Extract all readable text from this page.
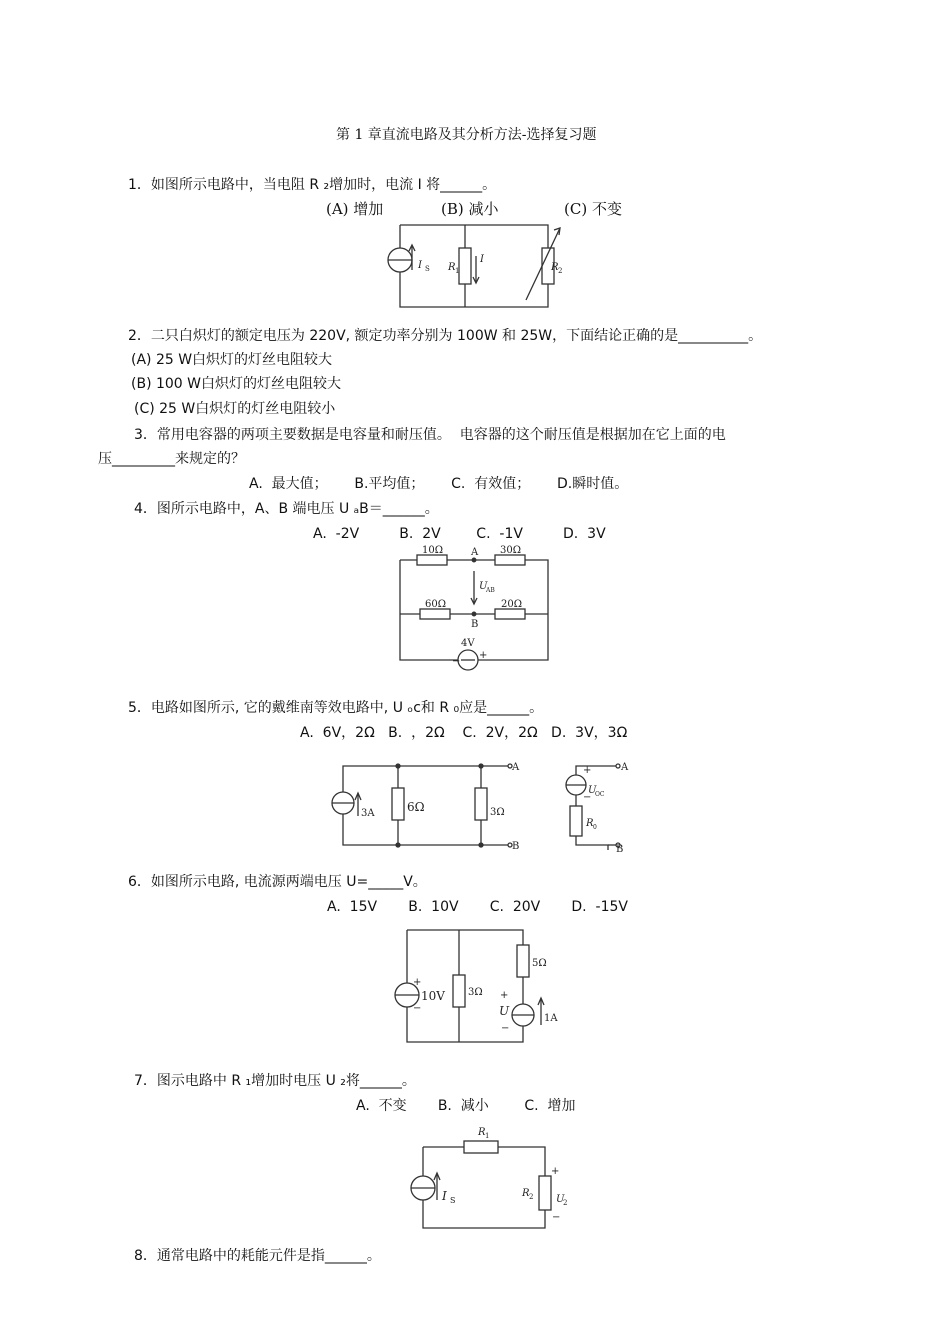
第 1 章直流电路及其分析方法-选择复习题
1．如图所示电路中，当电阻 R ₂增加时，电流 I 将______。
(A) 增加	(B) 减小	(C) 不变
I S R 1
I
R 2
2．二只白炽灯的额定电压为 220V, 额定功率分别为 100W 和 25W，下面结论正确的是__________。
(A) 25 W白炽灯的灯丝电阻较大
(B) 100 W白炽灯的灯丝电阻较大
(C) 25 W白炽灯的灯丝电阻较小
3．常用电容器的两项主要数据是电容量和耐压值。  电容器的这个耐压值是根据加在它上面的电
压_________来规定的？
A.  最大值；      B.平均值；      C.  有效值；      D.瞬时值。
4．图所示电路中，A、B 端电压 U ₐB＝______。
A.  -2V         B.  2V        C.  -1V         D.  3V
10Ω	30Ω
60Ω	20Ω
A
B
U
AB
4V
−
+
5．电路如图所示, 它的戴维南等效电路中, U ₒc和 R ₀应是______。
A.  6V，2Ω   B.  ，2Ω    C.  2V，2Ω   D.  3V，3Ω
3A	6Ω	3Ω
A
B
A
B
+
−
U
OC
R 0
6．如图所示电路, 电流源两端电压 U=_____V。
A.  15V       B.  10V       C.  20V       D.  -15V
+
−
10V 3Ω
5Ω
1A
+
U
−
7．图示电路中 R ₁增加时电压 U ₂将______。
A.  不变       B.  减小        C.  增加
R 1
I S
R 2
+
U
2
−
8．通常电路中的耗能元件是指______。
